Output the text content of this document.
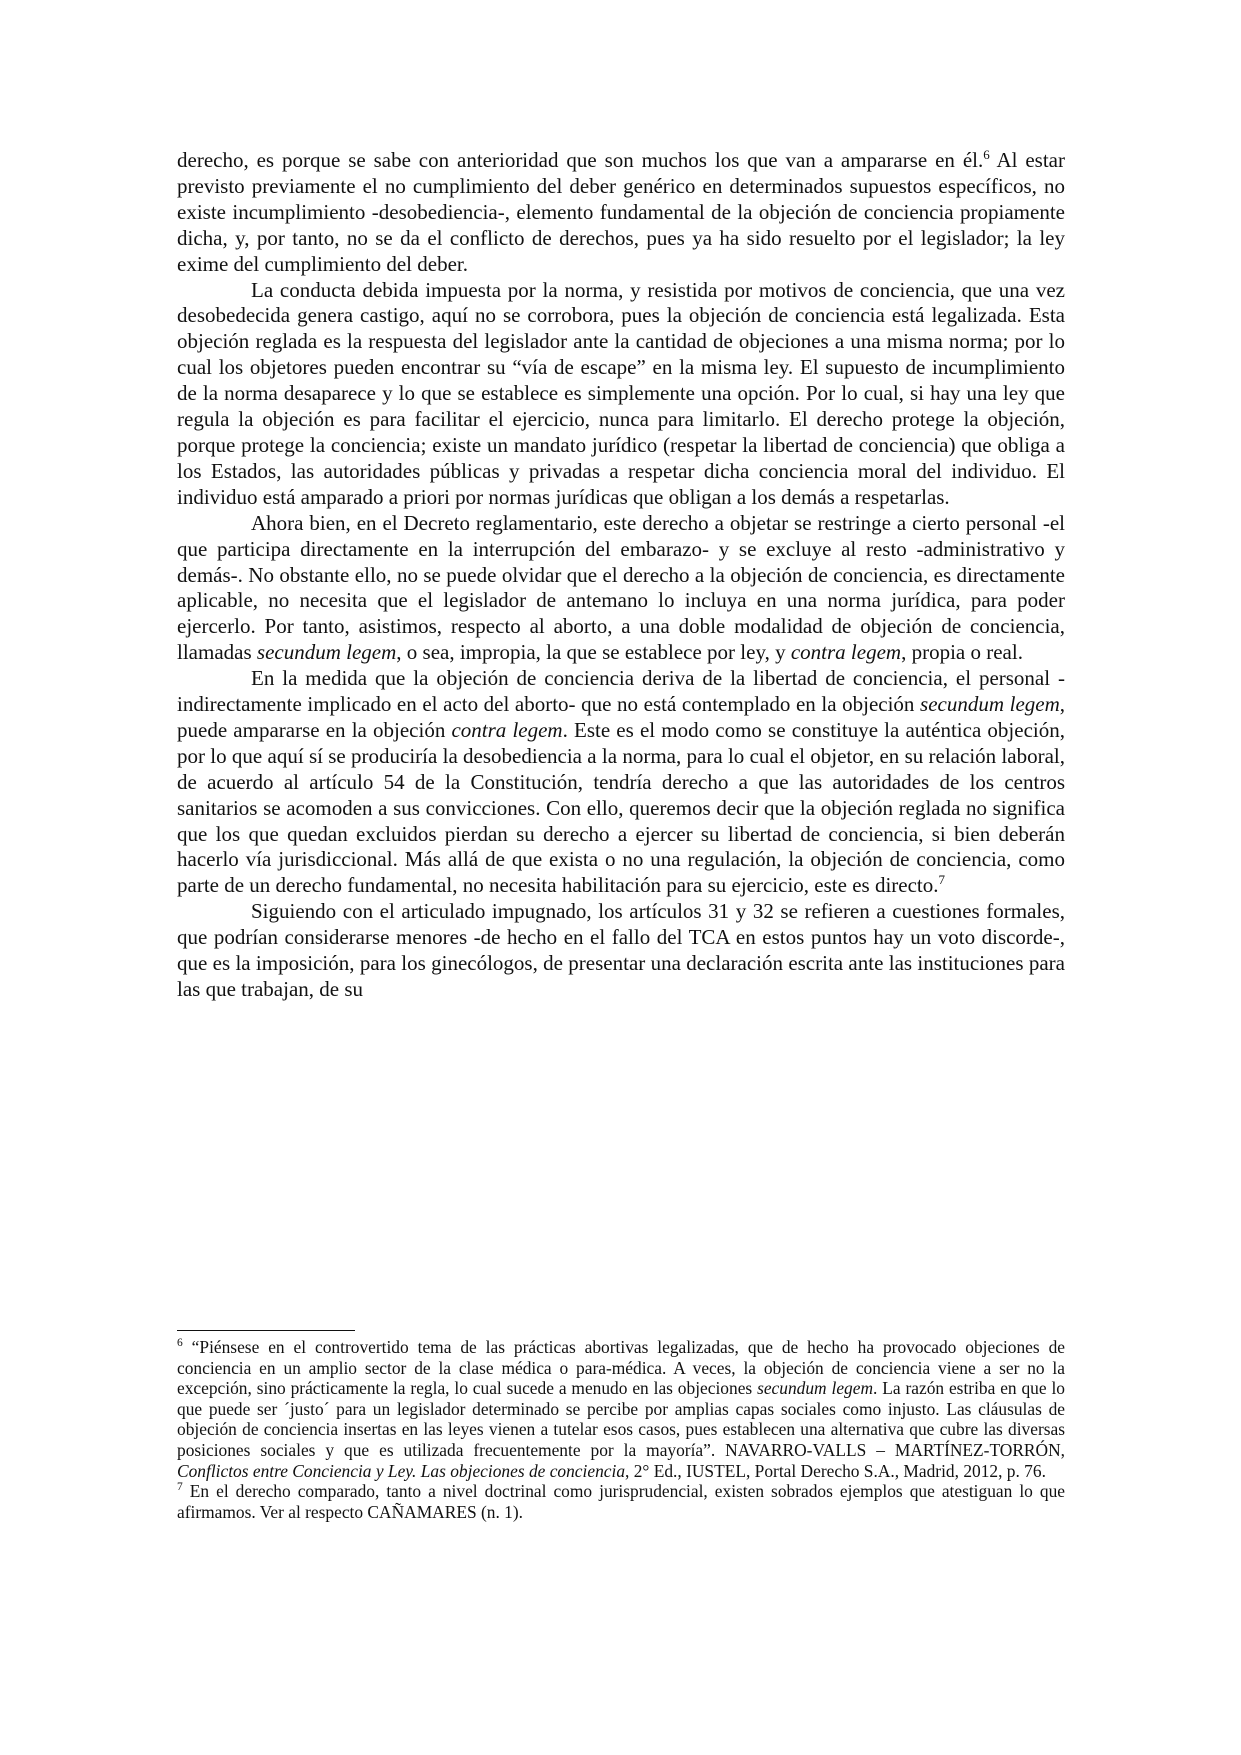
derecho, es porque se sabe con anterioridad que son muchos los que van a ampararse en él.$^6$ Al estar previsto previamente el no cumplimiento del deber genérico en determinados supuestos específicos, no existe incumplimiento -desobediencia-, elemento fundamental de la objeción de conciencia propiamente dicha, y, por tanto, no se da el conflicto de derechos, pues ya ha sido resuelto por el legislador; la ley exime del cumplimiento del deber.

La conducta debida impuesta por la norma, y resistida por motivos de conciencia, que una vez desobedecida genera castigo, aquí no se corrobora, pues la objeción de conciencia está legalizada. Esta objeción reglada es la respuesta del legislador ante la cantidad de objeciones a una misma norma; por lo cual los objetores pueden encontrar su “vía de escape” en la misma ley. El supuesto de incumplimiento de la norma desaparece y lo que se establece es simplemente una opción. Por lo cual, si hay una ley que regula la objeción es para facilitar el ejercicio, nunca para limitarlo. El derecho protege la objeción, porque protege la conciencia; existe un mandato jurídico (respetar la libertad de conciencia) que obliga a los Estados, las autoridades públicas y privadas a respetar dicha conciencia moral del individuo. El individuo está amparado a priori por normas jurídicas que obligan a los demás a respetarlas.

Ahora bien, en el Decreto reglamentario, este derecho a objetar se restringe a cierto personal -el que participa directamente en la interrupción del embarazo- y se excluye al resto -administrativo y demás-. No obstante ello, no se puede olvidar que el derecho a la objeción de conciencia, es directamente aplicable, no necesita que el legislador de antemano lo incluya en una norma jurídica, para poder ejercerlo. Por tanto, asistimos, respecto al aborto, a una doble modalidad de objeción de conciencia, llamadas secundum legem, o sea, impropia, la que se establece por ley, y contra legem, propia o real.

En la medida que la objeción de conciencia deriva de la libertad de conciencia, el personal -indirectamente implicado en el acto del aborto- que no está contemplado en la objeción secundum legem, puede ampararse en la objeción contra legem. Este es el modo como se constituye la auténtica objeción, por lo que aquí sí se produciría la desobediencia a la norma, para lo cual el objetor, en su relación laboral, de acuerdo al artículo 54 de la Constitución, tendría derecho a que las autoridades de los centros sanitarios se acomoden a sus convicciones. Con ello, queremos decir que la objeción reglada no significa que los que quedan excluidos pierdan su derecho a ejercer su libertad de conciencia, si bien deberán hacerlo vía jurisdiccional. Más allá de que exista o no una regulación, la objeción de conciencia, como parte de un derecho fundamental, no necesita habilitación para su ejercicio, este es directo.$^7$

Siguiendo con el articulado impugnado, los artículos 31 y 32 se refieren a cuestiones formales, que podrían considerarse menores -de hecho en el fallo del TCA en estos puntos hay un voto discorde-, que es la imposición, para los ginecólogos, de presentar una declaración escrita ante las instituciones para las que trabajan, de su

$^6$ “Piénsese en el controvertido tema de las prácticas abortivas legalizadas, que de hecho ha provocado objeciones de conciencia en un amplio sector de la clase médica o para-médica. A veces, la objeción de conciencia viene a ser no la excepción, sino prácticamente la regla, lo cual sucede a menudo en las objeciones secundum legem. La razón estriba en que lo que puede ser ´justo´ para un legislador determinado se percibe por amplias capas sociales como injusto. Las cláusulas de objeción de conciencia insertas en las leyes vienen a tutelar esos casos, pues establecen una alternativa que cubre las diversas posiciones sociales y que es utilizada frecuentemente por la mayoría”. NAVARRO-VALLS – MARTÍNEZ-TORRÓN, Conflictos entre Conciencia y Ley. Las objeciones de conciencia, 2° Ed., IUSTEL, Portal Derecho S.A., Madrid, 2012, p. 76.

$^7$ En el derecho comparado, tanto a nivel doctrinal como jurisprudencial, existen sobrados ejemplos que atestiguan lo que afirmamos. Ver al respecto CAÑAMARES (n. 1).
